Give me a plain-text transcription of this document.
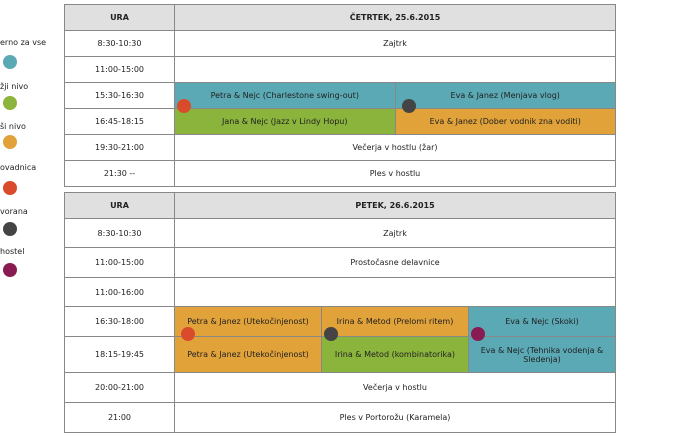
erno za vse
žji nivo
ši nivo
ovadnica
vorana
hostel
URA	ČETRTEK, 25.6.2015	
8:30-10:30	Zajtrk	
11:00-15:00		
15:30-16:30	Petra & Nejc (Charlestone swing-out)	Eva & Janez (Menjava vlog)
16:45-18:15	Jana & Nejc (Jazz v Lindy Hopu)	Eva & Janez (Dober vodnik zna voditi)
19:30-21:00	Večerja v hostlu (žar)	
21:30 --	Ples v hostlu	
URA	PETEK, 26.6.2015		
8:30-10:30	Zajtrk		
11:00-15:00	Prostočasne delavnice		
11:00-16:00			
16:30-18:00	Petra & Janez (Utekočinjenost)	Irina & Metod (Prelomi ritem)	Eva & Nejc (Skoki)
18:15-19:45	Petra & Janez (Utekočinjenost)	Irina & Metod (kombinatorika)	Eva & Nejc (Tehnika vodenja & Sledenja)
20:00-21:00	Večerja v hostlu		
21:00	Ples v Portorožu (Karamela)		
